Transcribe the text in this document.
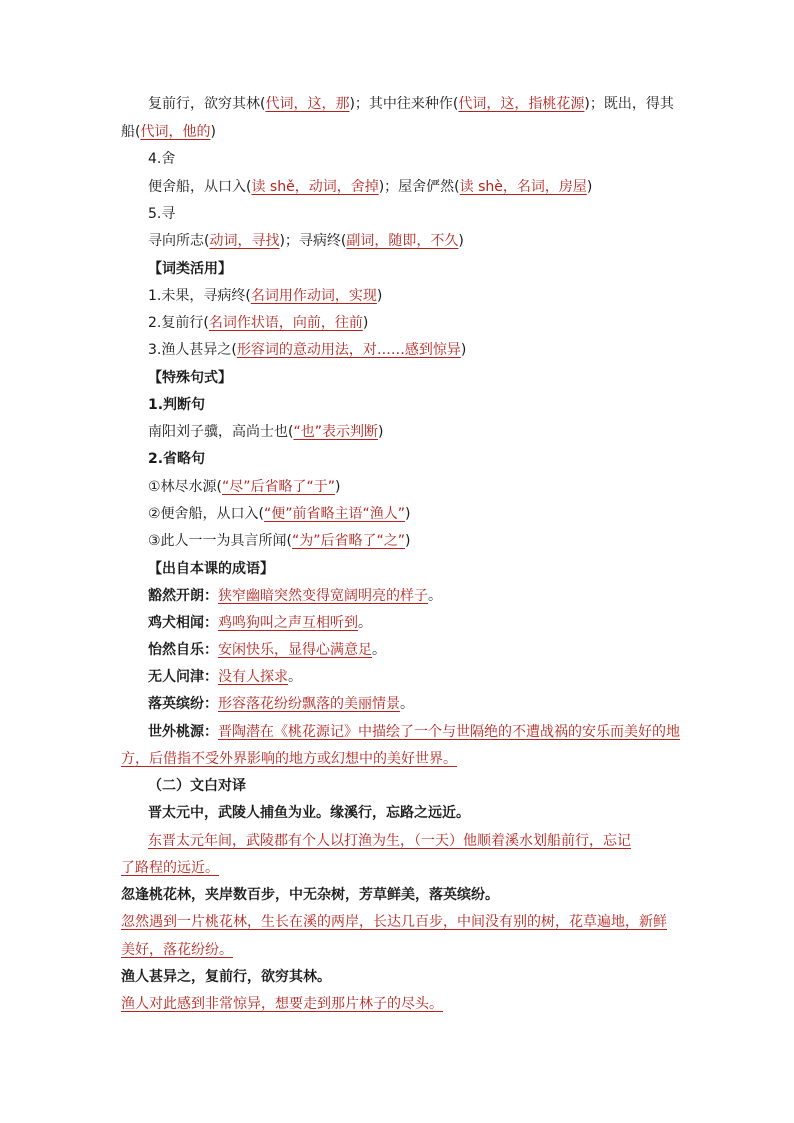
复前行，欲穷其林(代词，这，那)；其中往来种作(代词，这，指桃花源)；既出，得其
船(代词，他的)
4.舍
便舍船，从口入(读 shě，动词，舍掉)；屋舍俨然(读 shè，名词，房屋)
5.寻
寻向所志(动词，寻找)；寻病终(副词，随即，不久)
【词类活用】
1.未果，寻病终(名词用作动词，实现)
2.复前行(名词作状语，向前，往前)
3.渔人甚异之(形容词的意动用法，对……感到惊异)
【特殊句式】
1.判断句
南阳刘子骥，高尚士也(“也”表示判断)
2.省略句
①林尽水源(“尽”后省略了“于”)
②便舍船，从口入(“便”前省略主语“渔人”)
③此人一一为具言所闻(“为”后省略了“之”)
【出自本课的成语】
豁然开朗：狭窄幽暗突然变得宽阔明亮的样子。
鸡犬相闻：鸡鸣狗叫之声互相听到。
怡然自乐：安闲快乐，显得心满意足。
无人问津：没有人探求。
落英缤纷：形容落花纷纷飘落的美丽情景。
世外桃源：晋陶潜在《桃花源记》中描绘了一个与世隔绝的不遭战祸的安乐而美好的地
方，后借指不受外界影响的地方或幻想中的美好世界。
（二）文白对译
晋太元中，武陵人捕鱼为业。缘溪行，忘路之远近。
东晋太元年间，武陵郡有个人以打渔为生，（一天）他顺着溪水划船前行，忘记
了路程的远近。
忽逢桃花林，夹岸数百步，中无杂树，芳草鲜美，落英缤纷。
忽然遇到一片桃花林，生长在溪的两岸，长达几百步，中间没有别的树，花草遍地，新鲜
美好，落花纷纷。
渔人甚异之，复前行，欲穷其林。
渔人对此感到非常惊异，想要走到那片林子的尽头。
